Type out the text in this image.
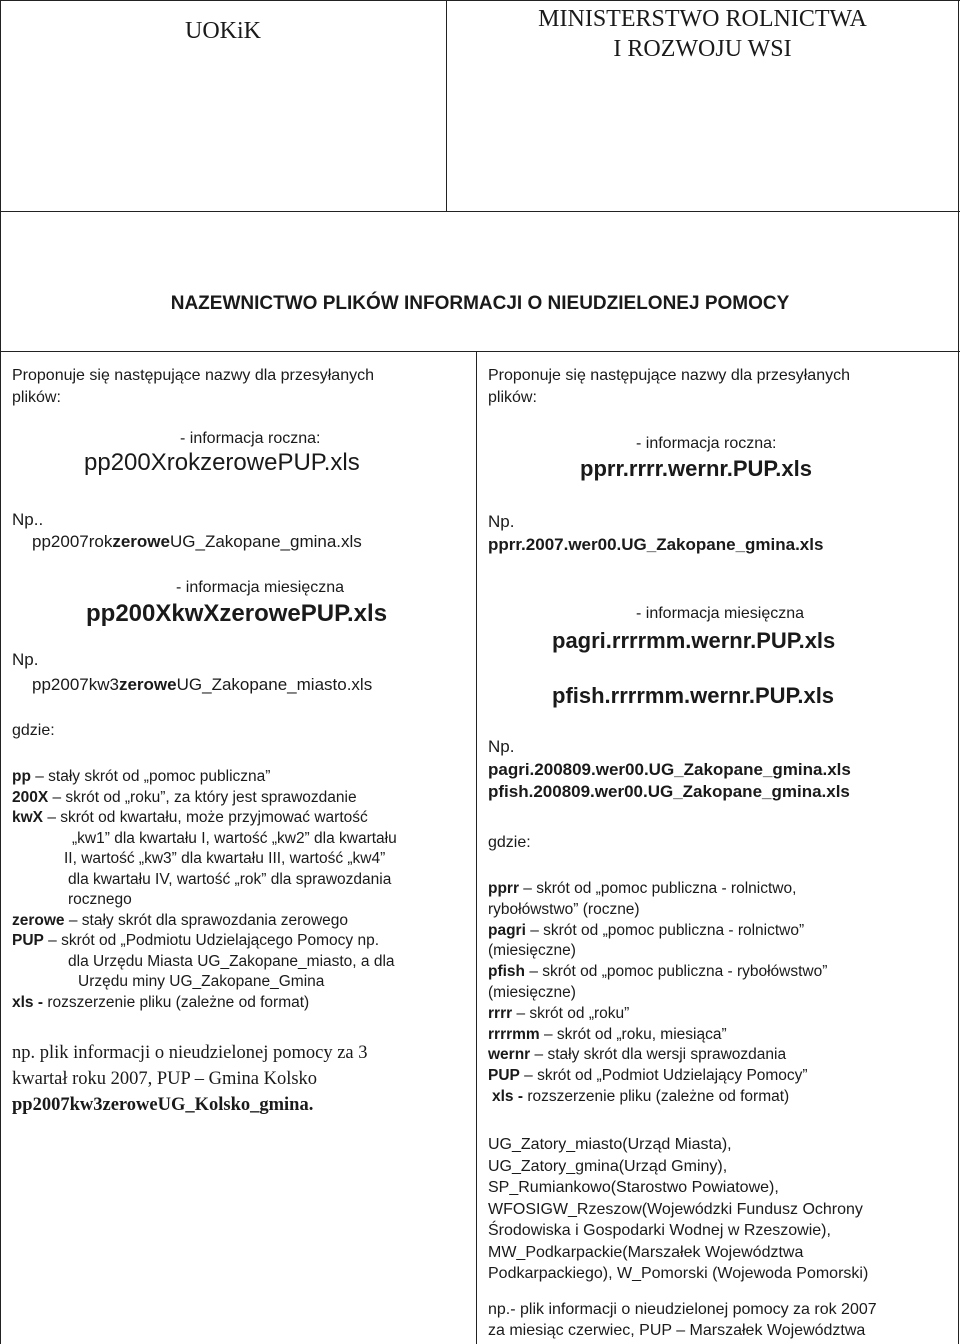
UOKiK	MINISTERSTWO ROLNICTWA
I ROZWOJU WSI
NAZEWNICTWO PLIKÓW INFORMACJI O NIEUDZIELONEJ POMOCY
Proponuje się następujące nazwy dla przesyłanych
plików:
- informacja roczna:
pp200XrokzerowePUP.xls
Np..
pp2007rokzeroweUG_Zakopane_gmina.xls
- informacja miesięczna
pp200XkwXzerowePUP.xls
Np.
pp2007kw3zeroweUG_Zakopane_miasto.xls
gdzie:
pp – stały skrót od „pomoc publiczna”
200X – skrót od „roku”, za który jest sprawozdanie
kwX – skrót od kwartału, może przyjmować wartość
„kw1” dla kwartału I, wartość „kw2” dla kwartału
II, wartość „kw3” dla kwartału III, wartość „kw4”
dla kwartału IV, wartość „rok” dla sprawozdania
rocznego
zerowe – stały skrót dla sprawozdania zerowego
PUP – skrót od „Podmiotu Udzielającego Pomocy np.
dla Urzędu Miasta UG_Zakopane_miasto, a dla
Urzędu miny UG_Zakopane_Gmina
xls - rozszerzenie pliku (zależne od format)
np. plik informacji o nieudzielonej pomocy za 3
kwartał roku 2007, PUP – Gmina Kolsko
pp2007kw3zeroweUG_Kolsko_gmina.
Proponuje się następujące nazwy dla przesyłanych
plików:
- informacja roczna:
pprr.rrrr.wernr.PUP.xls
Np.
pprr.2007.wer00.UG_Zakopane_gmina.xls
- informacja miesięczna
pagri.rrrrmm.wernr.PUP.xls
pfish.rrrrmm.wernr.PUP.xls
Np.
pagri.200809.wer00.UG_Zakopane_gmina.xls
pfish.200809.wer00.UG_Zakopane_gmina.xls
gdzie:
pprr – skrót od „pomoc publiczna - rolnictwo,
rybołówstwo” (roczne)
pagri – skrót od „pomoc publiczna - rolnictwo”
(miesięczne)
pfish – skrót od „pomoc publiczna - rybołówstwo”
(miesięczne)
rrrr – skrót od „roku”
rrrrmm – skrót od „roku, miesiąca”
wernr – stały skrót dla wersji sprawozdania
PUP – skrót od „Podmiot Udzielający Pomocy”
xls - rozszerzenie pliku (zależne od format)
UG_Zatory_miasto(Urząd Miasta),
UG_Zatory_gmina(Urząd Gminy),
SP_Rumiankowo(Starostwo Powiatowe),
WFOSIGW_Rzeszow(Wojewódzki Fundusz Ochrony
Środowiska i Gospodarki Wodnej w Rzeszowie),
MW_Podkarpackie(Marszałek Województwa
Podkarpackiego), W_Pomorski (Wojewoda Pomorski)
np.- plik informacji o nieudzielonej pomocy za rok 2007
za miesiąc czerwiec, PUP – Marszałek Województwa
